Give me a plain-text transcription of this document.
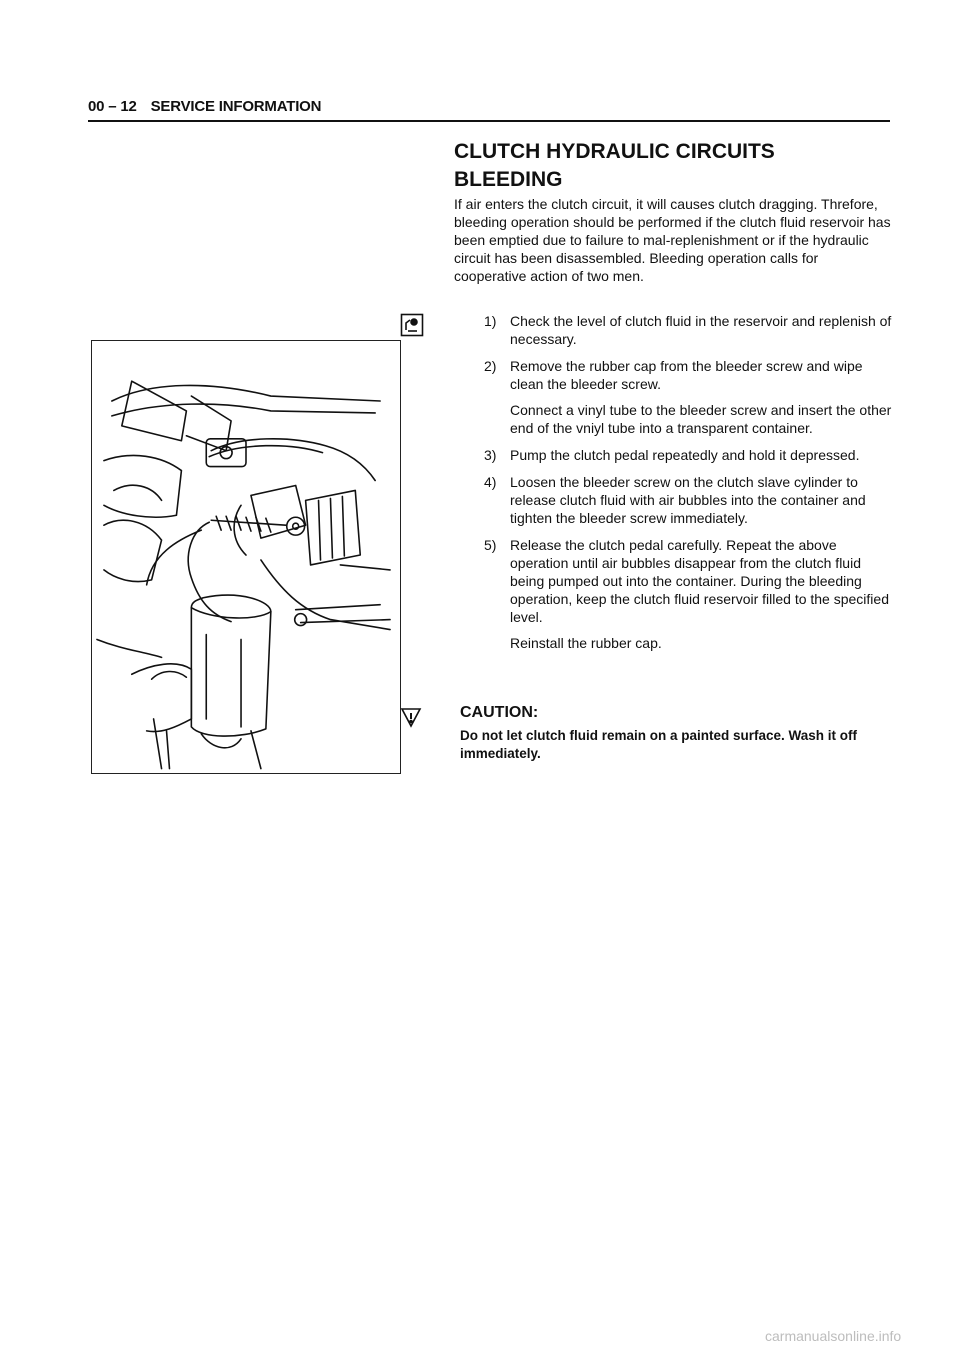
00 – 12 SERVICE INFORMATION
CLUTCH HYDRAULIC CIRCUITS BLEEDING

If air enters the clutch circuit, it will causes clutch dragging. Threfore, bleeding operation should be performed if the clutch fluid reservoir has been emptied due to failure to mal-replenishment or if the hydraulic circuit has been disassembled. Bleeding operation calls for cooperative action of two men.

1) Check the level of clutch fluid in the reservoir and replenish of necessary.
2) Remove the rubber cap from the bleeder screw and wipe clean the bleeder screw.
Connect a vinyl tube to the bleeder screw and insert the other end of the vniyl tube into a transparent container.
3) Pump the clutch pedal repeatedly and hold it depressed.
4) Loosen the bleeder screw on the clutch slave cylinder to release clutch fluid with air bubbles into the container and tighten the bleeder screw immediately.
5) Release the clutch pedal carefully. Repeat the above operation until air bubbles disappear from the clutch fluid being pumped out into the container. During the bleeding operation, keep the clutch fluid reservoir filled to the specified level.
Reinstall the rubber cap.

CAUTION:

Do not let clutch fluid remain on a painted surface. Wash it off immediately.

carmanualsonline.info
